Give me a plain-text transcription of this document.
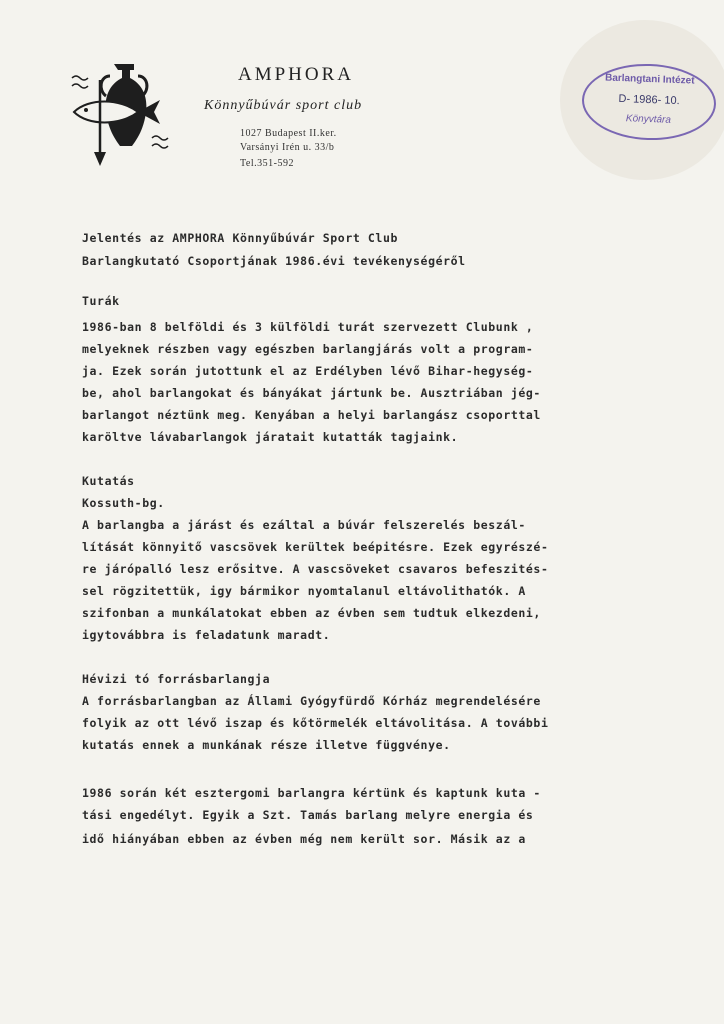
AMPHORA
Könnyűbúvár sport club
1027 Budapest II.ker.
Varsányi Irén u. 33/b
Tel.351-592
Barlangtani Intézet
D- 1986- 10.
Könyvtára
Jelentés az AMPHORA Könnyűbúvár Sport Club
Barlangkutató Csoportjának 1986.évi tevékenységéről
Turák
1986-ban 8 belföldi és 3 külföldi turát szervezett Clubunk ,
melyeknek részben vagy egészben barlangjárás volt a program-
ja. Ezek során jutottunk el az Erdélyben lévő Bihar-hegység-
be, ahol barlangokat és bányákat jártunk be. Ausztriában jég-
barlangot néztünk meg. Kenyában a helyi barlangász csoporttal
karöltve lávabarlangok járatait kutatták tagjaink.
Kutatás
Kossuth-bg.
A barlangba a járást és ezáltal a búvár felszerelés beszál-
lítását könnyitő vascsövek kerültek beépitésre. Ezek egyrészé-
re járópalló lesz erősitve. A vascsöveket csavaros befeszités-
sel rögzitettük, igy bármikor nyomtalanul eltávolithatók. A
szifonban a munkálatokat ebben az évben sem tudtuk elkezdeni,
igytovábbra is feladatunk maradt.
Hévizi tó forrásbarlangja
A forrásbarlangban az Állami Gyógyfürdő Kórház megrendelésére
folyik az ott lévő iszap és kőtörmelék eltávolitása. A további
kutatás ennek a munkának része illetve függvénye.
1986 során két esztergomi barlangra kértünk és kaptunk kuta -
tási engedélyt. Egyik a Szt. Tamás barlang melyre energia és
idő hiányában ebben az évben még nem került sor. Másik az a
